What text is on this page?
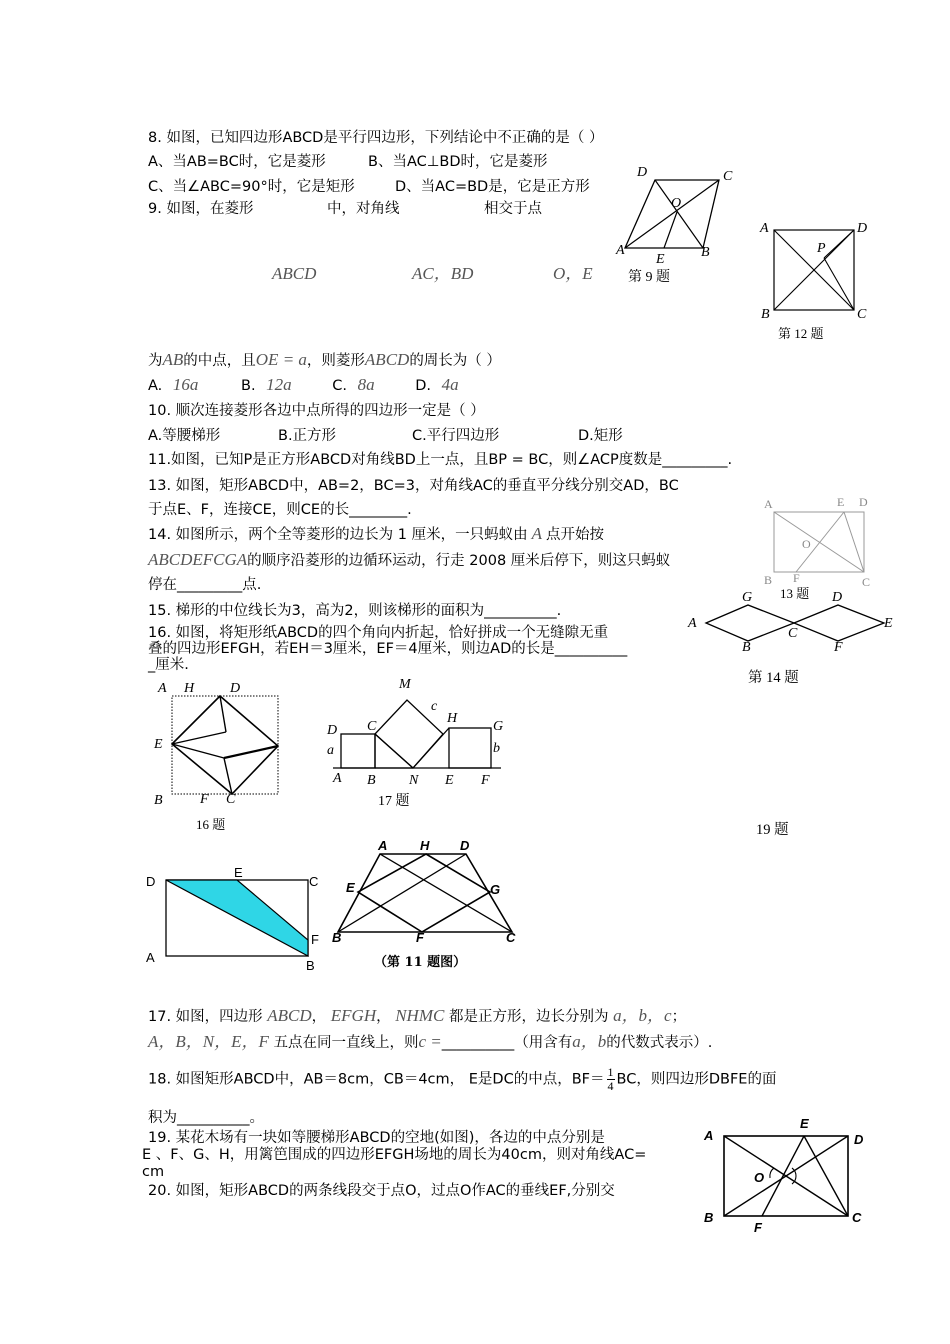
8. 如图，已知四边形ABCD是平行四边形，下列结论中不正确的是（ ）
A、当AB=BC时，它是菱形	B、当AC⊥BD时，它是菱形
C、当∠ABC=90°时，它是矩形	D、当AC=BD是，它是正方形
9. 如图，在菱形	中，对角线	相交于点
ABCD	AC，BD	O，E	第 9 题
为AB的中点，且OE = a，则菱形ABCD的周长为（ ）
A. 16a	B. 12a	C. 8a	D. 4a
D	C
O
A	B
E
A	D
P
B	C
第 12 题
10. 顺次连接菱形各边中点所得的四边形一定是（ ）
A.等腰梯形	B.正方形	C.平行四边形	D.矩形
11.如图，已知P是正方形ABCD对角线BD上一点，且BP = BC，则∠ACP度数是_________.
13. 如图，矩形ABCD中，AB=2，BC=3，对角线AC的垂直平分线分别交AD，BC
于点E、F，连接CE，则CE的长________.	A	E D
O
B F	C
13 题
14. 如图所示，两个全等菱形的边长为 1 厘米，一只蚂蚁由 A 点开始按
ABCDEFCGA的顺序沿菱形的边循环运动，行走 2008 厘米后停下，则这只蚂蚁
停在_________点.
G	D
A
C
E
B	F
第 14 题
15. 梯形的中位线长为3，高为2，则该梯形的面积为__________.
16. 如图，将矩形纸ABCD的四个角向内折起，恰好拼成一个无缝隙无重
叠的四边形EFGH，若EH＝3厘米，EF＝4厘米，则边AD的长是__________
_厘米.
A H	D
E
B	F C
16 题
M
c
C
H
G
D
a	b
A B N E F
17 题
19 题
D
E
C
F
A
B
A	H D
E	G
B	F	C
（第 11 题图）
17. 如图，四边形 ABCD， EFGH， NHMC 都是正方形，边长分别为 a，b，c；
A，B，N，E，F 五点在同一直线上，则c =__________（用含有a，b的代数式表示）.
18. 如图矩形ABCD中，AB＝8cm，CB＝4cm， E是DC的中点，$BF= \frac{1}{4}$ BC，则四边形DBFE的面
积为__________。
19. 某花木场有一块如等腰梯形ABCD的空地(如图)，各边的中点分别是
E 、F、G、H，用篱笆围成的四边形EFGH场地的周长为40cm，则对角线AC=
cm
20. 如图，矩形ABCD的两条线段交于点O，过点O作AC的垂线EF,分别交
A
E
D
O
B
F
C
